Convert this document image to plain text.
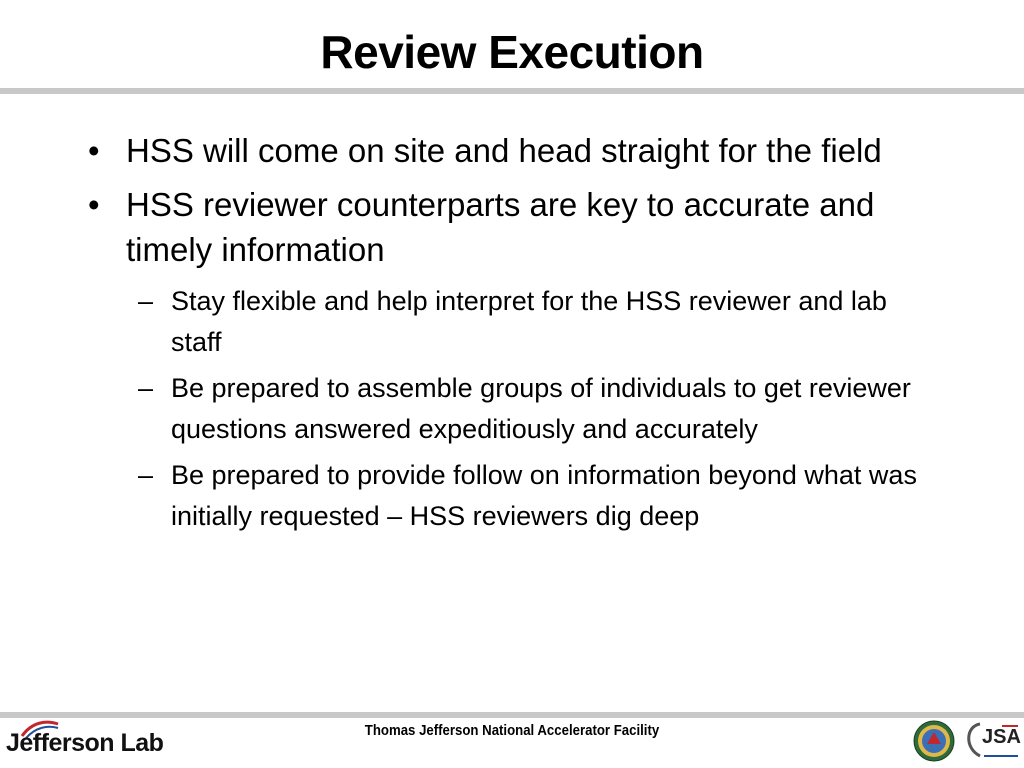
Review Execution
• HSS will come on site and head straight for the field
• HSS reviewer counterparts are key to accurate and timely information
– Stay flexible and help interpret for the HSS reviewer and lab staff
– Be prepared to assemble groups of individuals to get reviewer questions answered expeditiously and accurately
– Be prepared to provide follow on information beyond what was initially requested – HSS reviewers dig deep
Jefferson Lab	Thomas Jefferson National Accelerator Facility	JSA
